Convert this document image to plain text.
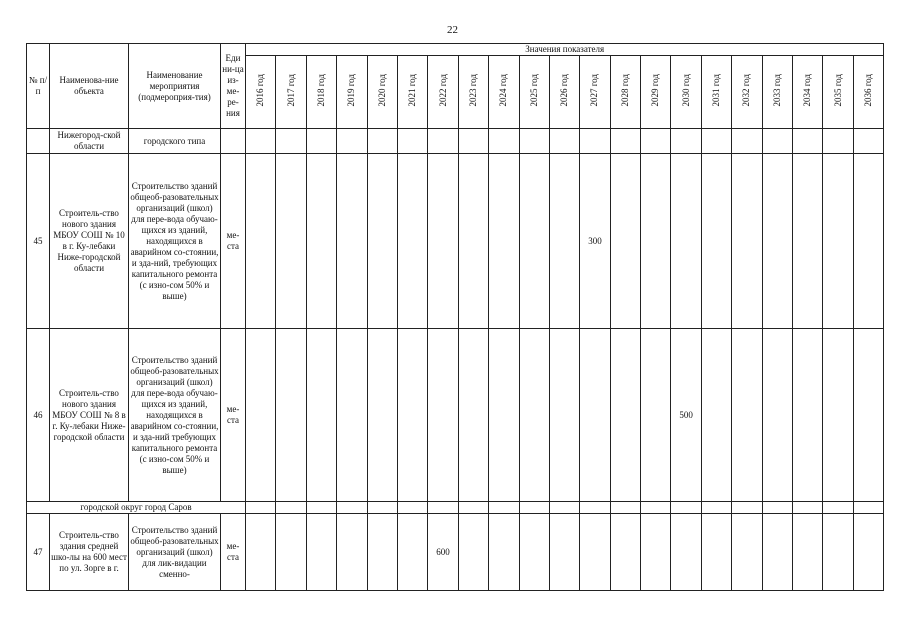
22
№ п/п	Наименова-ние объекта	Наименование мероприятия (подмероприя-тия)	Еди ни-ца из-ме-ре-ния	Значения показателя																				
				2016 год	2017 год	2018 год	2019 год	2020 год	2021 год	2022 год	2023 год	2024 год	2025 год	2026 год	2027 год	2028 год	2029 год	2030 год	2031 год	2032 год	2033 год	2034 год	2035 год	2036 год
	Нижегород-ской области	городского типа																						
45	Строитель-ство нового здания МБОУ СОШ № 10 в г. Ку-лебаки Ниже-городской области	Строительство зданий общеоб-разовательных организаций (школ) для пере-вода обучаю-щихся из зданий, находящихся в аварийном со-стоянии, и зда-ний, требующих капитального ремонта (с изно-сом 50% и выше)	ме-ста												300									
46	Строитель-ство нового здания МБОУ СОШ № 8 в г. Ку-лебаки Ниже-городской области	Строительство зданий общеоб-разовательных организаций (школ) для пере-вода обучаю-щихся из зданий, находящихся в аварийном со-стоянии, и зда-ний требующих капитального ремонта (с изно-сом 50% и выше)	ме-ста															500						
городской округ город Саров																								
47	Строитель-ство здания средней шко-лы на 600 мест по ул. Зорге в г.	Строительство зданий общеоб-разовательных организаций (школ) для лик-видации сменно-	ме-ста							600														
